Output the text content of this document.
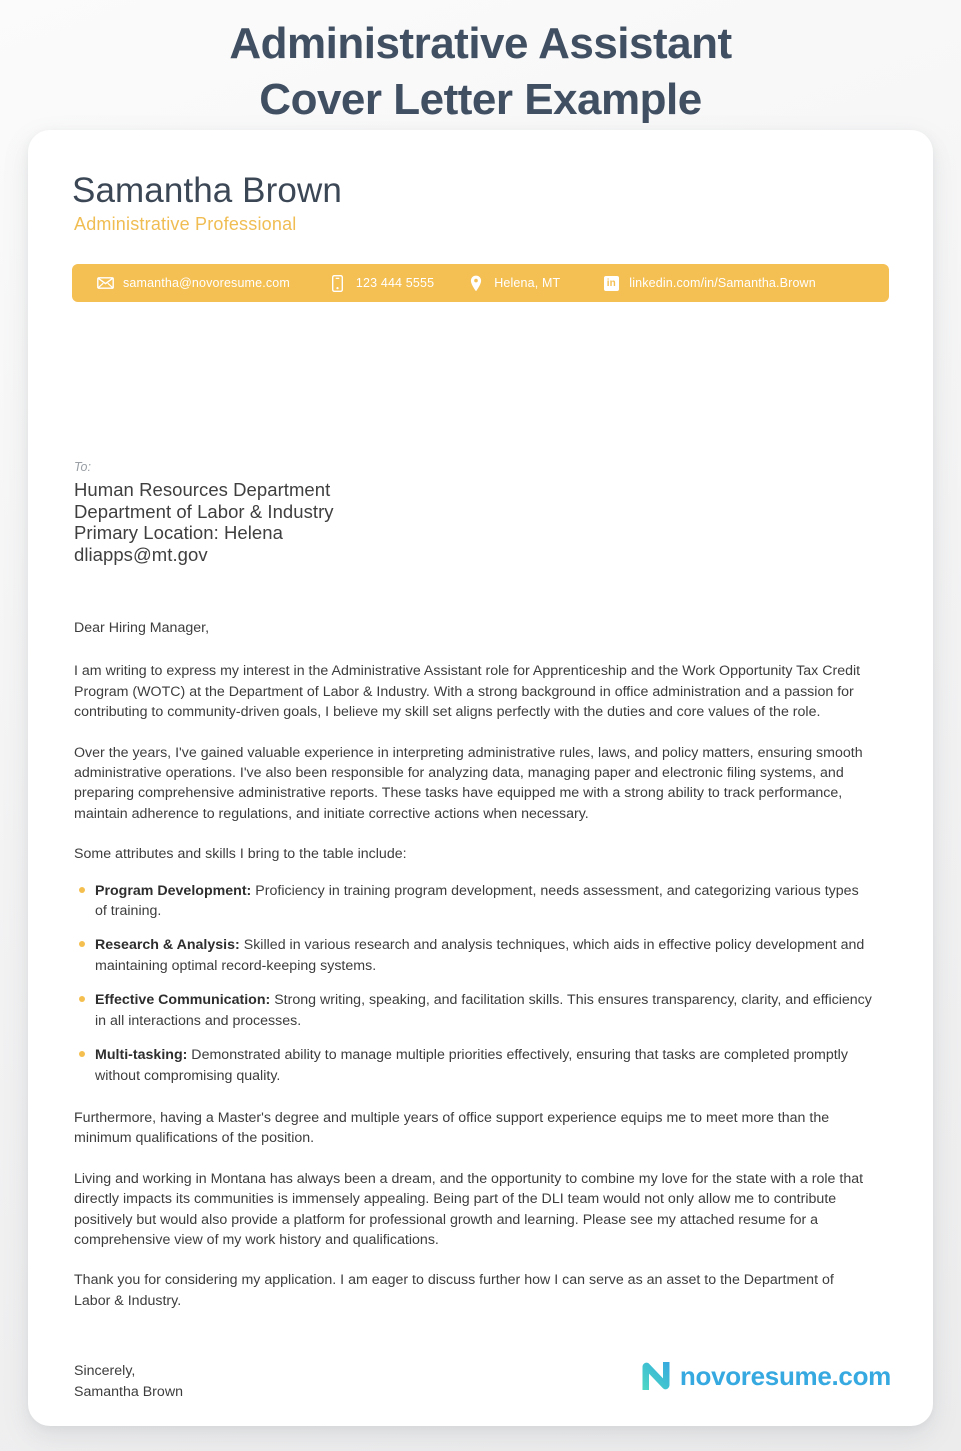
Administrative Assistant
Cover Letter Example
Samantha Brown
Administrative Professional
samantha@novoresume.com	123 444 5555	Helena, MT	in linkedin.com/in/Samantha.Brown
To:
Human Resources Department
Department of Labor & Industry
Primary Location: Helena
dliapps@mt.gov

Dear Hiring Manager,

I am writing to express my interest in the Administrative Assistant role for Apprenticeship and the Work Opportunity Tax Credit Program (WOTC) at the Department of Labor & Industry. With a strong background in office administration and a passion for contributing to community-driven goals, I believe my skill set aligns perfectly with the duties and core values of the role.

Over the years, I've gained valuable experience in interpreting administrative rules, laws, and policy matters, ensuring smooth administrative operations. I've also been responsible for analyzing data, managing paper and electronic filing systems, and preparing comprehensive administrative reports. These tasks have equipped me with a strong ability to track performance, maintain adherence to regulations, and initiate corrective actions when necessary.

Some attributes and skills I bring to the table include:

Program Development: Proficiency in training program development, needs assessment, and categorizing various types of training.
Research & Analysis: Skilled in various research and analysis techniques, which aids in effective policy development and maintaining optimal record-keeping systems.
Effective Communication: Strong writing, speaking, and facilitation skills. This ensures transparency, clarity, and efficiency in all interactions and processes.
Multi-tasking: Demonstrated ability to manage multiple priorities effectively, ensuring that tasks are completed promptly without compromising quality.

Furthermore, having a Master's degree and multiple years of office support experience equips me to meet more than the minimum qualifications of the position.

Living and working in Montana has always been a dream, and the opportunity to combine my love for the state with a role that directly impacts its communities is immensely appealing. Being part of the DLI team would not only allow me to contribute positively but would also provide a platform for professional growth and learning. Please see my attached resume for a comprehensive view of my work history and qualifications.

Thank you for considering my application. I am eager to discuss further how I can serve as an asset to the Department of Labor & Industry.

Sincerely,
Samantha Brown
novoresume.com
